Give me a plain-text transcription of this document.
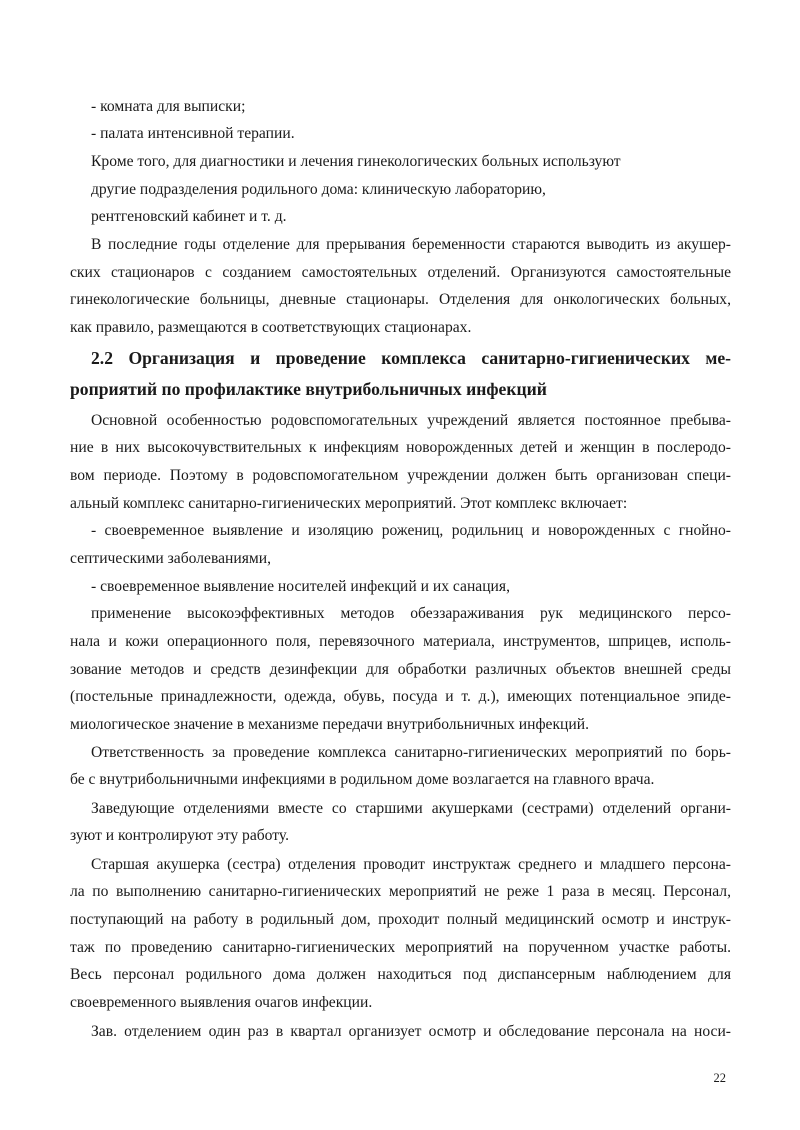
- комната для выписки;
- палата интенсивной терапии.
Кроме того, для диагностики и лечения гинекологических больных используют
другие подразделения родильного дома: клиническую лабораторию,
рентгеновский кабинет и т. д.
В последние годы отделение для прерывания беременности стараются выводить из акушер-
ских стационаров с созданием самостоятельных отделений. Организуются самостоятельные
гинекологические больницы, дневные стационары. Отделения для онкологических больных,
как правило, размещаются в соответствующих стационарах.
2.2 Организация и проведение комплекса санитарно-гигиенических ме-
роприятий по профилактике внутрибольничных инфекций
Основной особенностью родовспомогательных учреждений является постоянное пребыва-
ние в них высокочувствительных к инфекциям новорожденных детей и женщин в послеродо-
вом периоде. Поэтому в родовспомогательном учреждении должен быть организован специ-
альный комплекс санитарно-гигиенических мероприятий. Этот комплекс включает:
- своевременное выявление и изоляцию рожениц, родильниц и новорожденных с гнойно-
септическими заболеваниями,
- своевременное выявление носителей инфекций и их санация,
применение высокоэффективных методов обеззараживания рук медицинского персо-
нала и кожи операционного поля, перевязочного материала, инструментов, шприцев, исполь-
зование методов и средств дезинфекции для обработки различных объектов внешней среды
(постельные принадлежности, одежда, обувь, посуда и т. д.), имеющих потенциальное эпиде-
миологическое значение в механизме передачи внутрибольничных инфекций.
Ответственность за проведение комплекса санитарно-гигиенических мероприятий по борь-
бе с внутрибольничными инфекциями в родильном доме возлагается на главного врача.
Заведующие отделениями вместе со старшими акушерками (сестрами) отделений органи-
зуют и контролируют эту работу.
Старшая акушерка (сестра) отделения проводит инструктаж среднего и младшего персона-
ла по выполнению санитарно-гигиенических мероприятий не реже 1 раза в месяц. Персонал,
поступающий на работу в родильный дом, проходит полный медицинский осмотр и инструк-
таж по проведению санитарно-гигиенических мероприятий на порученном участке работы.
Весь персонал родильного дома должен находиться под диспансерным наблюдением для
своевременного выявления очагов инфекции.
Зав. отделением один раз в квартал организует осмотр и обследование персонала на носи-
22
